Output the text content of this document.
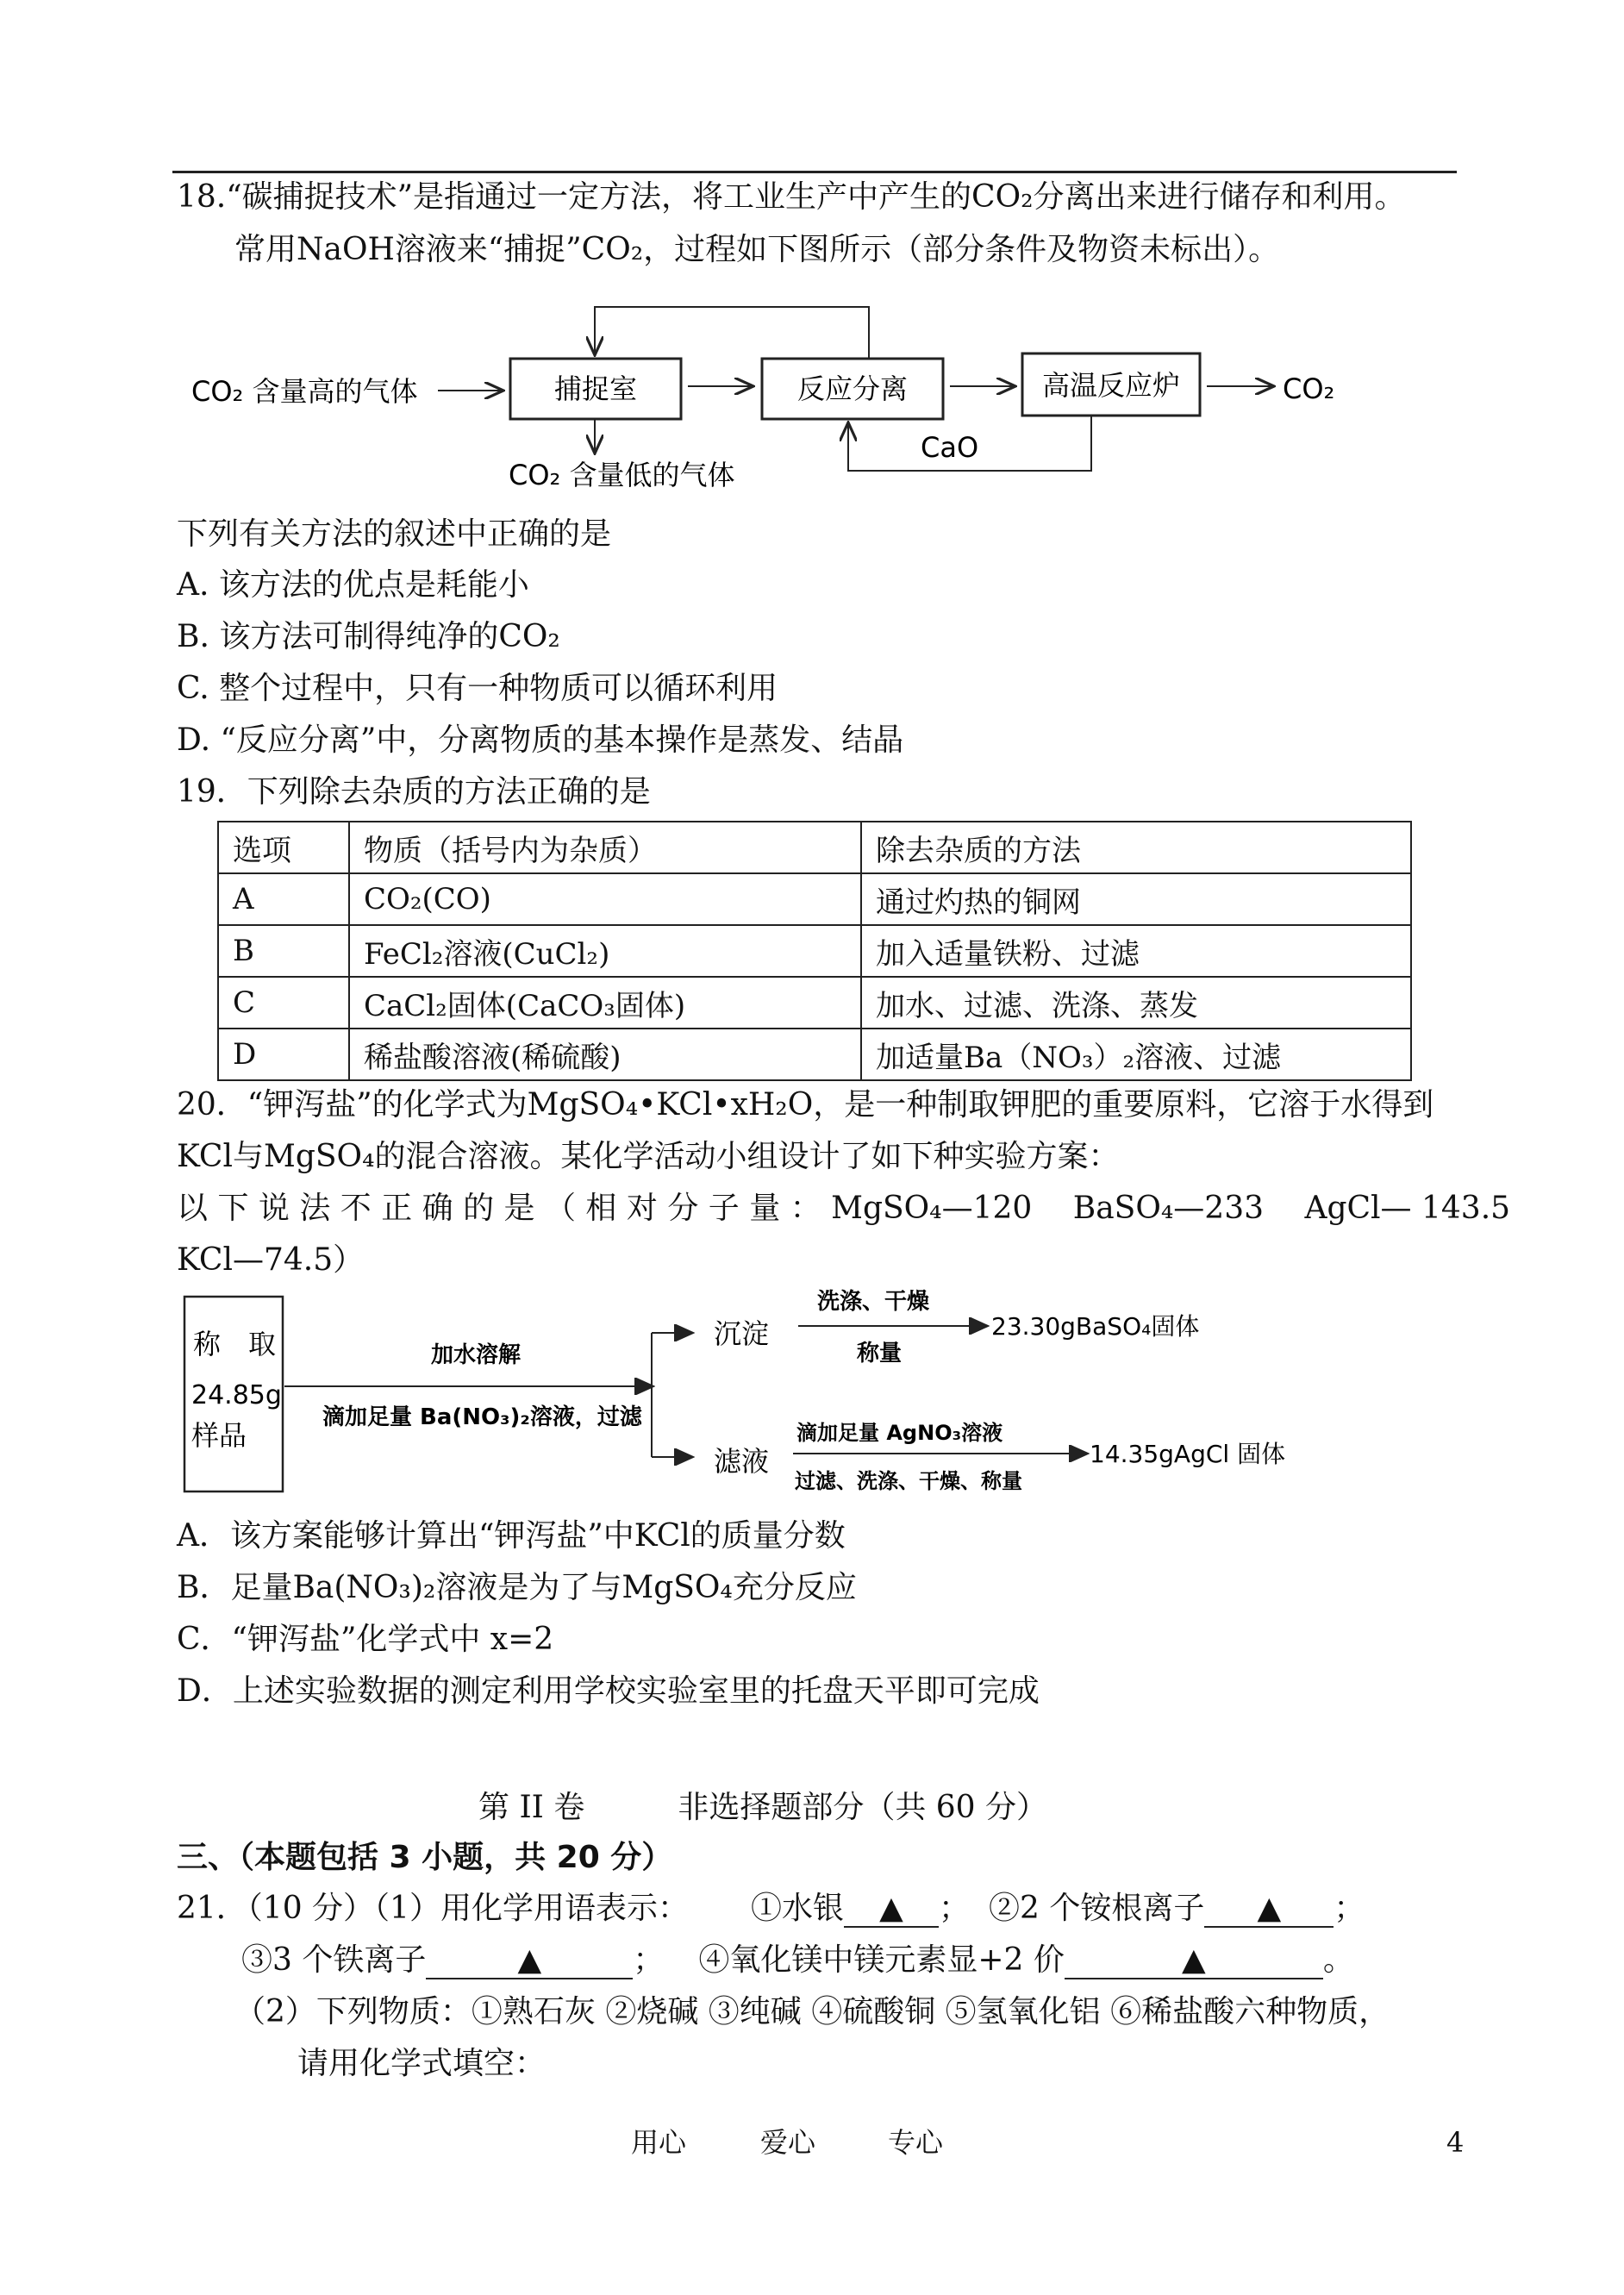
18.“碳捕捉技术”是指通过一定方法，将工业生产中产生的CO₂分离出来进行储存和利用。
常用NaOH溶液来“捕捉”CO₂，过程如下图所示（部分条件及物资未标出）。
CO₂ 含量高的气体	捕捉室	反应分离	高温反应炉	CO₂
CO₂ 含量低的气体
CaO
下列有关方法的叙述中正确的是
A. 该方法的优点是耗能小
B. 该方法可制得纯净的CO₂
C. 整个过程中，只有一种物质可以循环利用
D. “反应分离”中，分离物质的基本操作是蒸发、结晶
19．下列除去杂质的方法正确的是
选项	物质（括号内为杂质）	除去杂质的方法
A	CO₂(CO)	通过灼热的铜网
B	FeCl₂溶液(CuCl₂)	加入适量铁粉、过滤
C	CaCl₂固体(CaCO₃固体)	加水、过滤、洗涤、蒸发
D	稀盐酸溶液(稀硫酸)	加适量Ba（NO₃）₂溶液、过滤
20．“钾泻盐”的化学式为MgSO₄•KCl•xH₂O，是一种制取钾肥的重要原料，它溶于水得到
KCl与MgSO₄的混合溶液。某化学活动小组设计了如下种实验方案：
以 下 说 法 不 正 确 的 是 （ 相 对 分 子 量 ： MgSO₄—120　 BaSO₄—233　 AgCl— 143.5
KCl—74.5）
称　取
24.85g
样品
加水溶解
滴加足量 Ba(NO₃)₂溶液，过滤
沉淀
洗涤、干燥
称量
23.30gBaSO₄固体
滤液
滴加足量 AgNO₃溶液
过滤、洗涤、干燥、称量
14.35gAgCl 固体
A．该方案能够计算出“钾泻盐”中KCl的质量分数
B．足量Ba(NO₃)₂溶液是为了与MgSO₄充分反应
C．“钾泻盐”化学式中 x=2
D．上述实验数据的测定利用学校实验室里的托盘天平即可完成
第 II 卷　　　非选择题部分（共 60 分）
三、（本题包括 3 小题，共 20 分）
21．（10 分）（1）用化学用语表示： ①水银 ▲ ； ②2 个铵根离子 ▲ ；
③3 个铁离子	▲	； ④氧化镁中镁元素显+2 价	▲	。
（2）下列物质：①熟石灰 ②烧碱 ③纯碱 ④硫酸铜 ⑤氢氧化铝 ⑥稀盐酸六种物质，
请用化学式填空：
用心	爱心	专心	4
